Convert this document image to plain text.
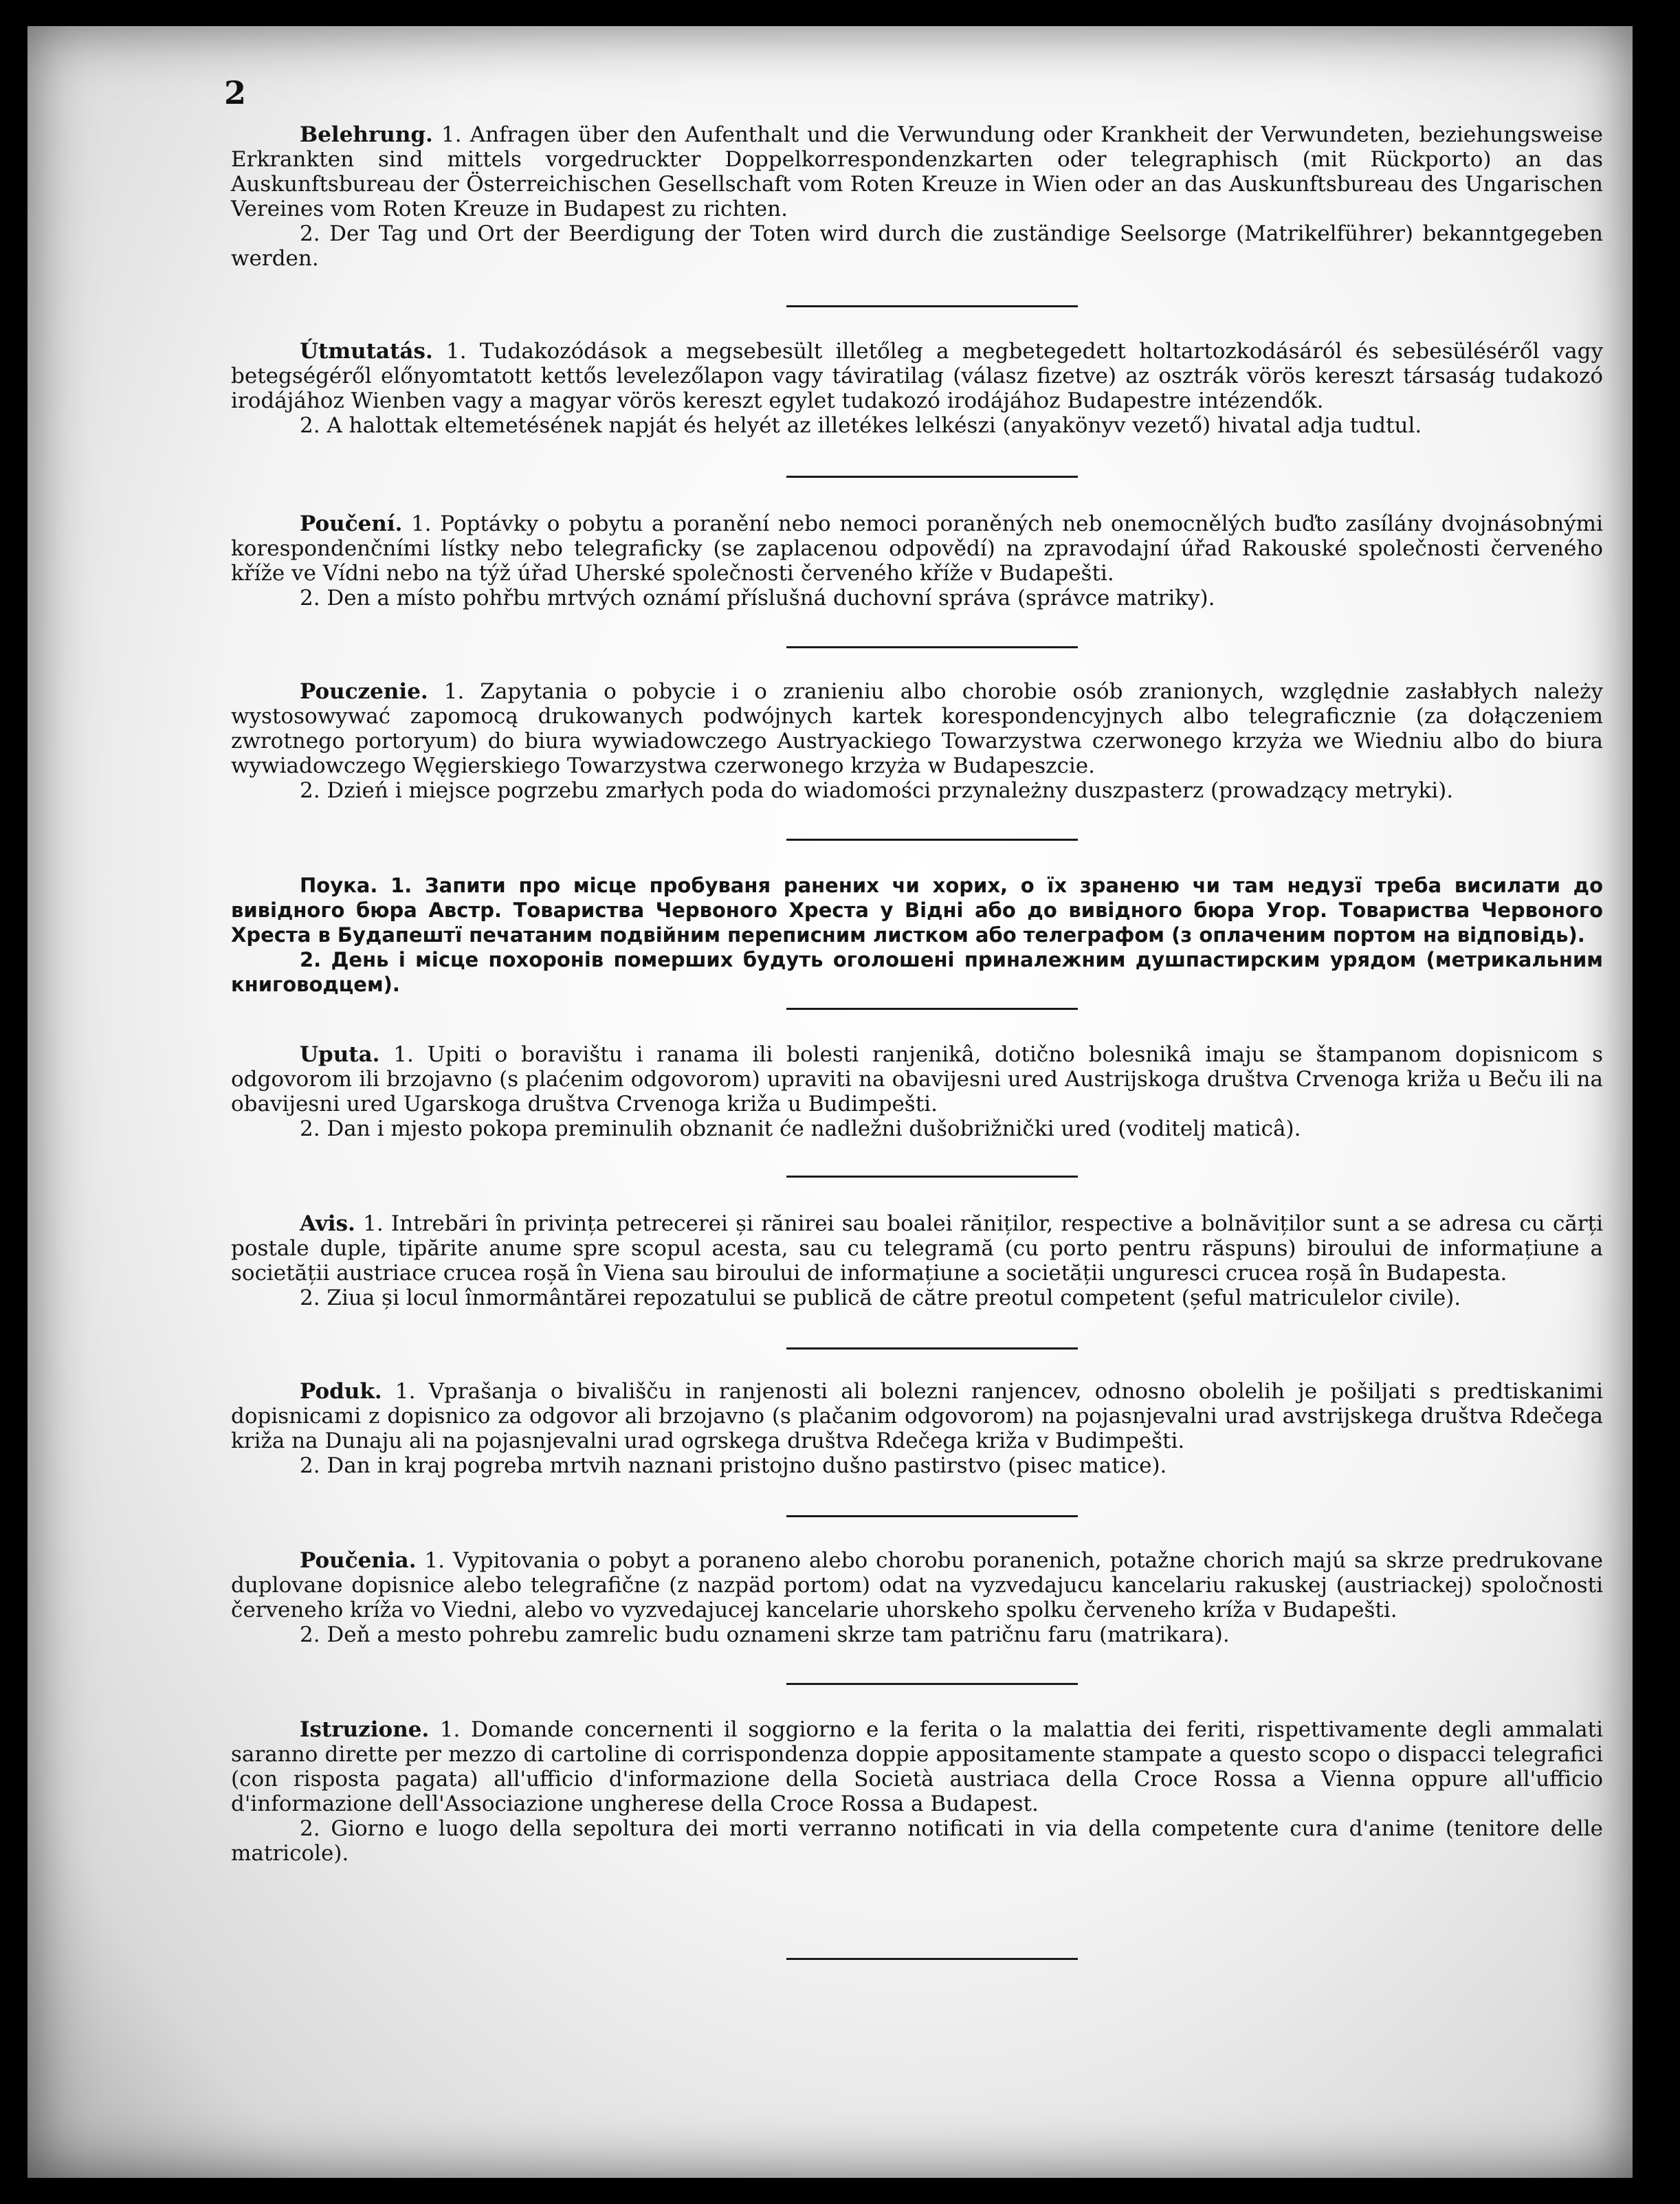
2

Belehrung. 1. Anfragen über den Aufenthalt und die Verwundung oder Krankheit der Verwundeten, beziehungsweise Erkrankten sind mittels vorgedruckter Doppelkorrespondenzkarten oder telegraphisch (mit Rückporto) an das Auskunftsbureau der Österreichischen Gesellschaft vom Roten Kreuze in Wien oder an das Auskunftsbureau des Ungarischen Vereines vom Roten Kreuze in Budapest zu richten.

2. Der Tag und Ort der Beerdigung der Toten wird durch die zuständige Seelsorge (Matrikelführer) bekanntgegeben werden.

Útmutatás. 1. Tudakozódások a megsebesült illetőleg a megbetegedett holtartozkodásáról és sebesüléséről vagy betegségéről előnyomtatott kettős levelezőlapon vagy táviratilag (válasz fizetve) az osztrák vörös kereszt társaság tudakozó irodájához Wienben vagy a magyar vörös kereszt egylet tudakozó irodájához Budapestre intézendők.

2. A halottak eltemetésének napját és helyét az illetékes lelkészi (anyakönyv vezető) hivatal adja tudtul.

Poučení. 1. Poptávky o pobytu a poranění nebo nemoci poraněných neb onemocnělých buďto zasílány dvojnásobnými korespondenčními lístky nebo telegraficky (se zaplacenou odpovědí) na zpravodajní úřad Rakouské společnosti červeného kříže ve Vídni nebo na týž úřad Uherské společnosti červeného kříže v Budapešti.

2. Den a místo pohřbu mrtvých oznámí příslušná duchovní správa (správce matriky).

Pouczenie. 1. Zapytania o pobycie i o zranieniu albo chorobie osób zranionych, względnie zasłabłych należy wystosowywać zapomocą drukowanych podwójnych kartek korespondencyjnych albo telegraficznie (za dołączeniem zwrotnego portoryum) do biura wywiadowczego Austryackiego Towarzystwa czerwonego krzyża we Wiedniu albo do biura wywiadowczego Węgierskiego Towarzystwa czerwonego krzyża w Budapeszcie.

2. Dzień i miejsce pogrzebu zmarłych poda do wiadomości przynależny duszpasterz (prowadzący metryki).

Поука. 1. Запити про місце пробуваня ранених чи хорих, о їх зраненю чи там недузї треба висилати до вивідного бюра Австр. Товариства Червоного Хреста у Відні або до вивідного бюра Угор. Товариства Червоного Хреста в Будапештї печатаним подвійним переписним листком або телеграфом (з оплаченим портом на відповідь).

2. День і місце похоронів померших будуть оголошені приналежним душпастирским урядом (метрикальним книговодцем).

Uputa. 1. Upiti o boravištu i ranama ili bolesti ranjenikâ, dotično bolesnikâ imaju se štampanom dopisnicom s odgovorom ili brzojavno (s plaćenim odgovorom) upraviti na obavijesni ured Austrijskoga društva Crvenoga križa u Beču ili na obavijesni ured Ugarskoga društva Crvenoga križa u Budimpešti.

2. Dan i mjesto pokopa preminulih obznanit će nadležni dušobrižnički ured (voditelj maticâ).

Avis. 1. Intrebări în privința petrecerei și rănirei sau boalei răniților, respective a bolnăviților sunt a se adresa cu cărți postale duple, tipărite anume spre scopul acesta, sau cu telegramă (cu porto pentru răspuns) biroului de informațiune a societății austriace crucea roșă în Viena sau biroului de informațiune a societății ungurescі crucea roșă în Budapesta.

2. Ziua și locul înmormântărei repozatului se publică de către preotul competent (șeful matriculelor civile).

Poduk. 1. Vprašanja o bivališču in ranjenosti ali bolezni ranjencev, odnosno obolelih je pošiljati s predtiskanimi dopisnicami z dopisnico za odgovor ali brzojavno (s plačanim odgovorom) na pojasnjevalni urad avstrijskega društva Rdečega križa na Dunaju ali na pojasnjevalni urad ogrskega društva Rdečega križa v Budimpešti.

2. Dan in kraj pogreba mrtvih naznani pristojno dušno pastirstvo (pisec matice).

Poučenia. 1. Vypitovania o pobyt a poranenо alebo chorobu poranenich, potažne chorich majú sa skrze predrukovane duplovane dopisnice alebo telegrafične (z nazpäd portom) odat na vyzvedajucu kancelariu rakuskej (austriackej) spoločnosti červeneho kríža vo Viedni, alebo vo vyzvedajucej kancelarie uhorskeho spolku červeneho kríža v Budapešti.

2. Deň a mesto pohrebu zamrelic budu oznameni skrze tam patričnu faru (matrikara).

Istruzione. 1. Domande concernenti il soggiorno e la ferita o la malattia dei feriti, rispettivamente degli ammalati saranno dirette per mezzo di cartoline di corrispondenza doppie appositamente stampate a questo scopo o dispacci telegrafici (con risposta pagata) all'ufficio d'informazione della Società austriaca della Croce Rossa a Vienna oppure all'ufficio d'informazione dell'Associazione ungherese della Croce Rossa a Budapest.

2. Giorno e luogo della sepoltura dei morti verranno notificati in via della competente cura d'anime (tenitore delle matricole).
